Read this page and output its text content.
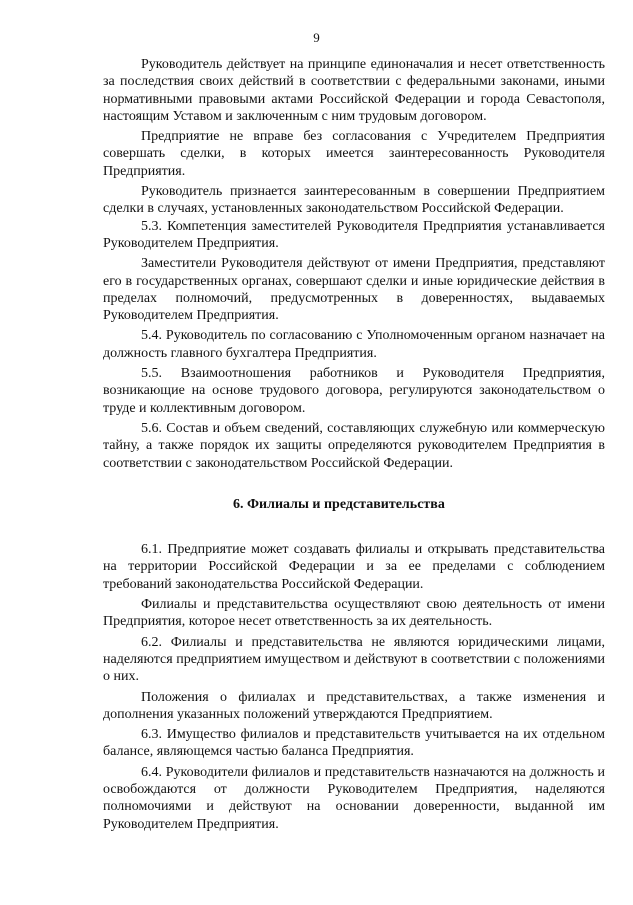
9

Руководитель действует на принципе единоначалия и несет ответственность за последствия своих действий в соответствии с федеральными законами, иными нормативными правовыми актами Российской Федерации и города Севастополя, настоящим Уставом и заключенным с ним трудовым договором.

Предприятие не вправе без согласования с Учредителем Предприятия совершать сделки, в которых имеется заинтересованность Руководителя Предприятия.

Руководитель признается заинтересованным в совершении Предприятием сделки в случаях, установленных законодательством Российской Федерации.

5.3. Компетенция заместителей Руководителя Предприятия устанавливается Руководителем Предприятия.

Заместители Руководителя действуют от имени Предприятия, представляют его в государственных органах, совершают сделки и иные юридические действия в пределах полномочий, предусмотренных в доверенностях, выдаваемых Руководителем Предприятия.

5.4. Руководитель по согласованию с Уполномоченным органом назначает на должность главного бухгалтера Предприятия.

5.5. Взаимоотношения работников и Руководителя Предприятия, возникающие на основе трудового договора, регулируются законодательством о труде и коллективным договором.

5.6. Состав и объем сведений, составляющих служебную или коммерческую тайну, а также порядок их защиты определяются руководителем Предприятия в соответствии с законодательством Российской Федерации.

6. Филиалы и представительства

6.1. Предприятие может создавать филиалы и открывать представительства на территории Российской Федерации и за ее пределами с соблюдением требований законодательства Российской Федерации.

Филиалы и представительства осуществляют свою деятельность от имени Предприятия, которое несет ответственность за их деятельность.

6.2. Филиалы и представительства не являются юридическими лицами, наделяются предприятием имуществом и действуют в соответствии с положениями о них.

Положения о филиалах и представительствах, а также изменения и дополнения указанных положений утверждаются Предприятием.

6.3. Имущество филиалов и представительств учитывается на их отдельном балансе, являющемся частью баланса Предприятия.

6.4. Руководители филиалов и представительств назначаются на должность и освобождаются от должности Руководителем Предприятия, наделяются полномочиями и действуют на основании доверенности, выданной им Руководителем Предприятия.
